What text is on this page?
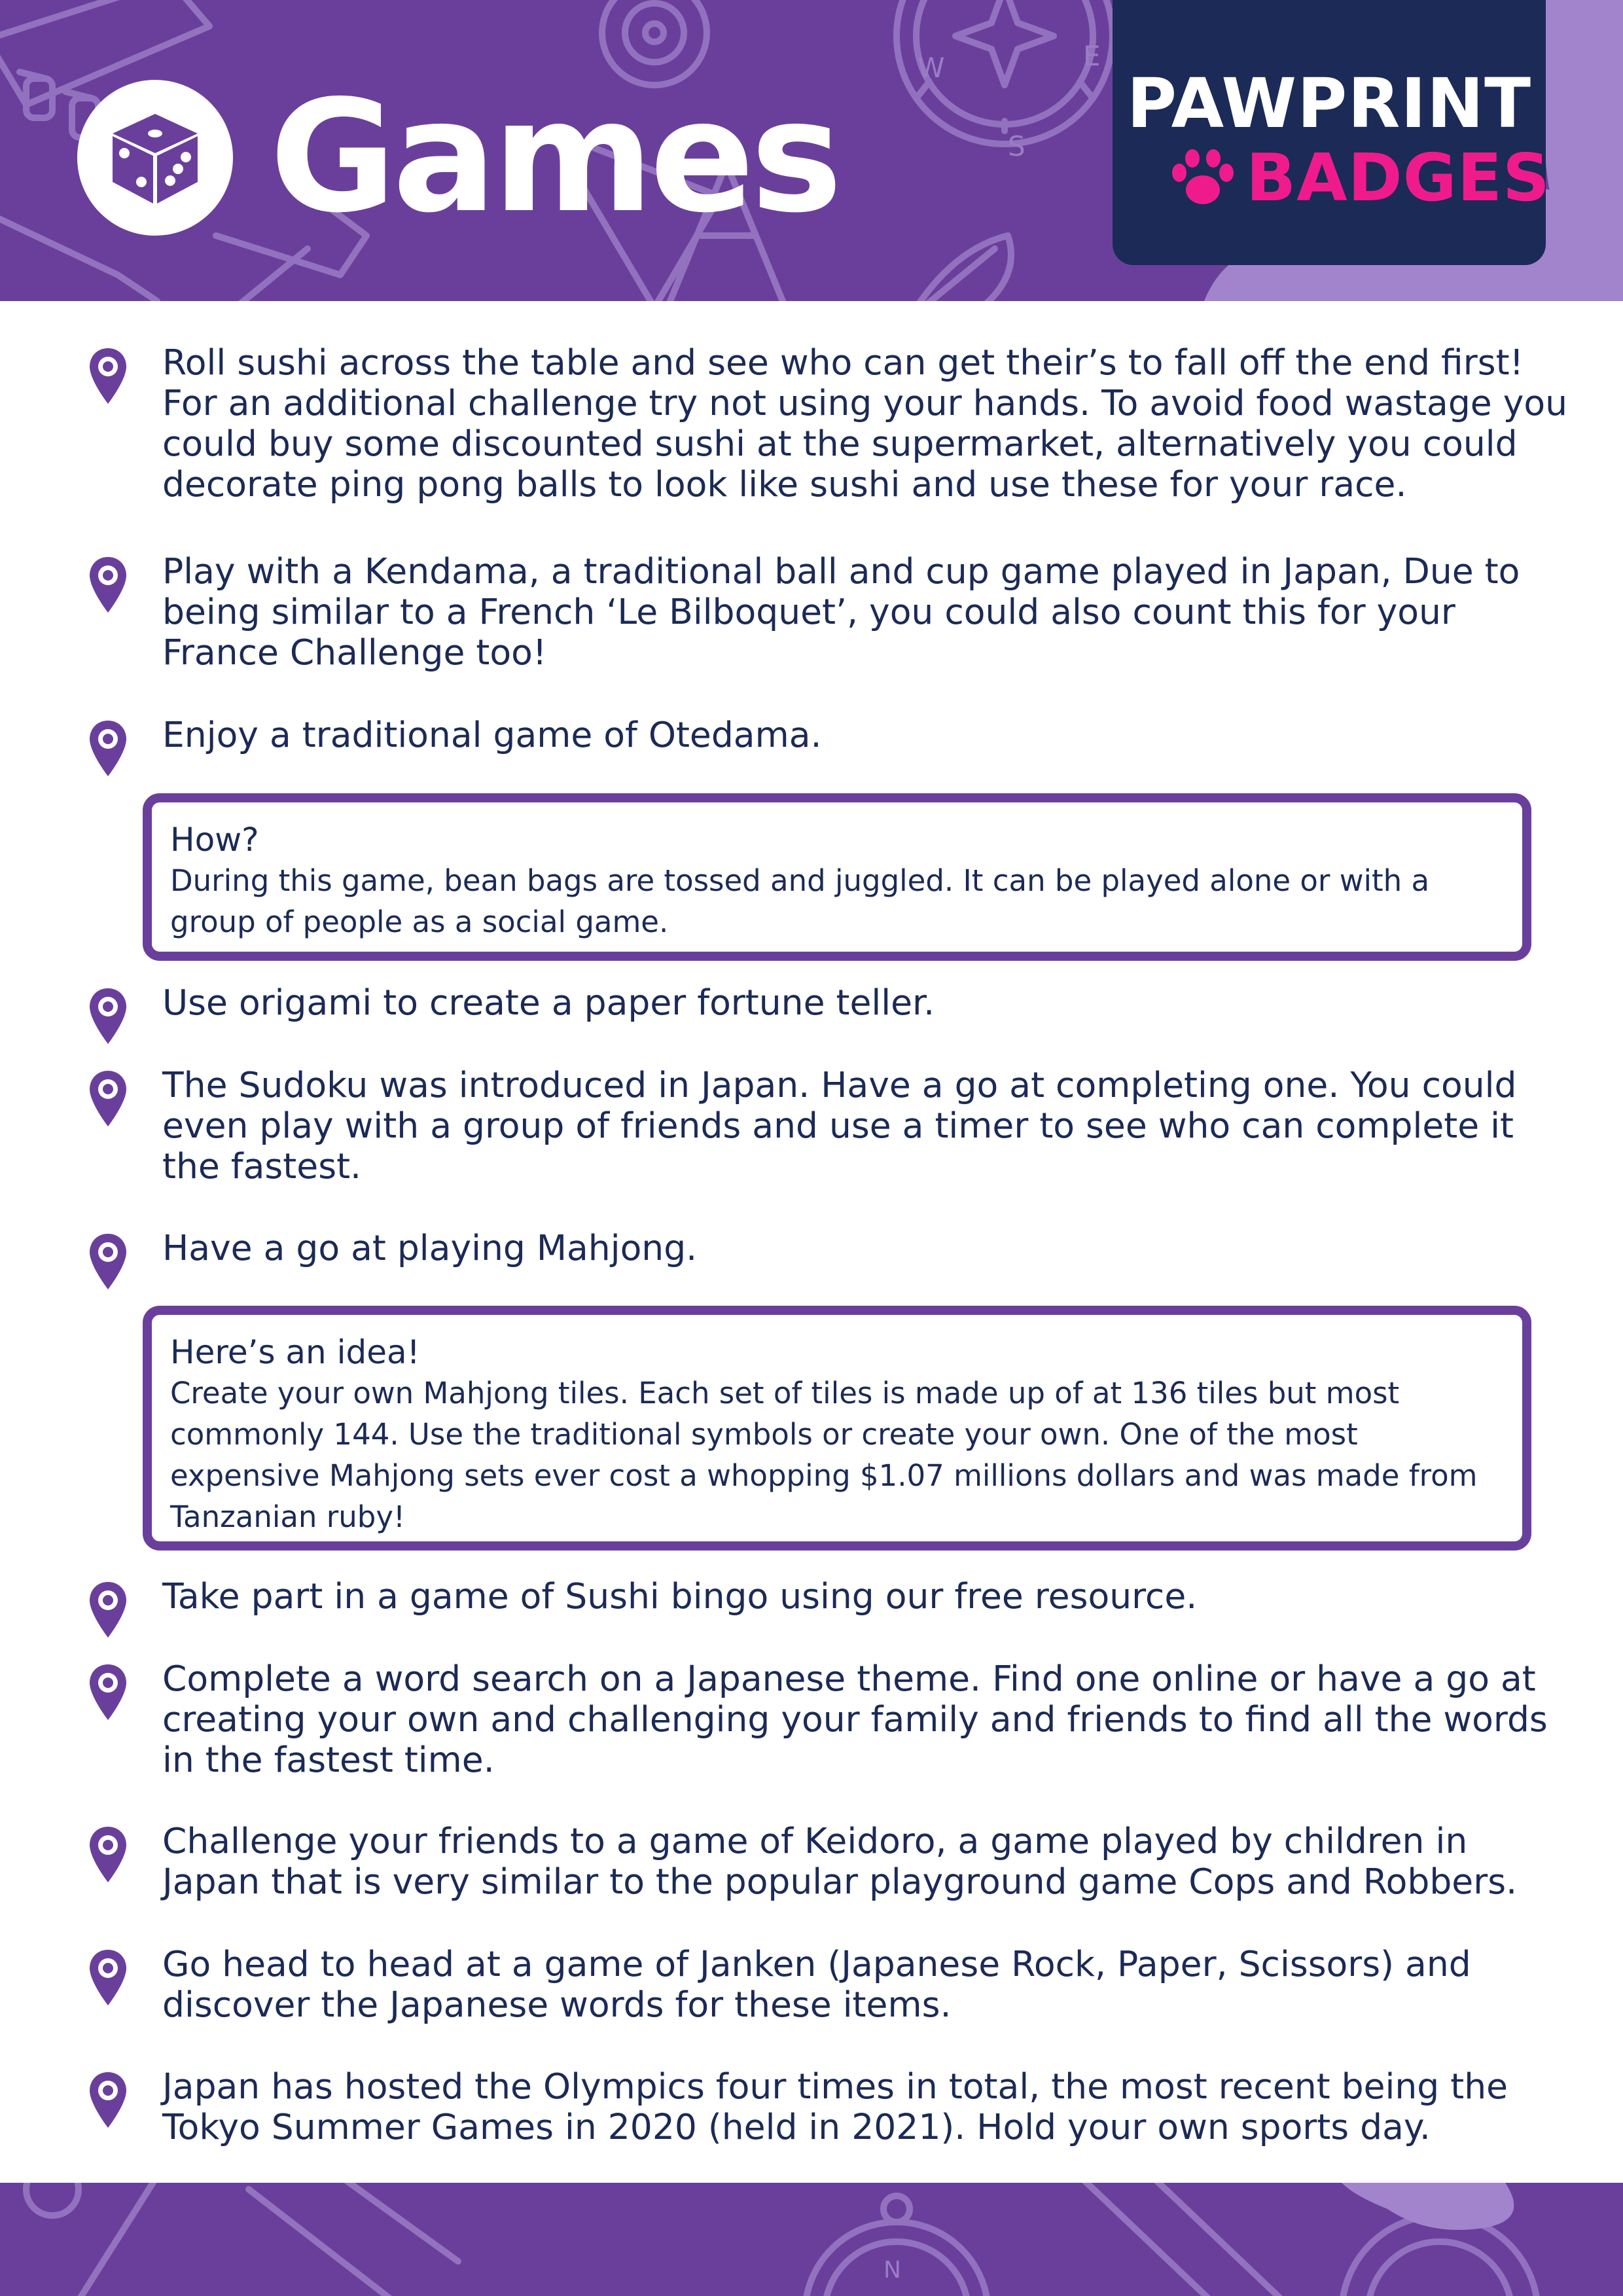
W	E
S
Games	PAWPRINT
BADGES
Roll sushi across the table and see who can get their’s to fall off the end first! For an additional challenge try not using your hands. To avoid food wastage you could buy some discounted sushi at the supermarket, alternatively you could decorate ping pong balls to look like sushi and use these for your race.
Play with a Kendama, a traditional ball and cup game played in Japan, Due to being similar to a French ‘Le Bilboquet’, you could also count this for your France Challenge too!
Enjoy a traditional game of Otedama.
How?
During this game, bean bags are tossed and juggled. It can be played alone or with a group of people as a social game.
Use origami to create a paper fortune teller.
The Sudoku was introduced in Japan. Have a go at completing one. You could even play with a group of friends and use a timer to see who can complete it the fastest.
Have a go at playing Mahjong.
Here’s an idea!
Create your own Mahjong tiles. Each set of tiles is made up of at 136 tiles but most commonly 144. Use the traditional symbols or create your own. One of the most expensive Mahjong sets ever cost a whopping $1.07 millions dollars and was made from Tanzanian ruby!
Take part in a game of Sushi bingo using our free resource.
Complete a word search on a Japanese theme. Find one online or have a go at creating your own and challenging your family and friends to find all the words in the fastest time.
Challenge your friends to a game of Keidoro, a game played by children in Japan that is very similar to the popular playground game Cops and Robbers.
Go head to head at a game of Janken (Japanese Rock, Paper, Scissors) and discover the Japanese words for these items.
Japan has hosted the Olympics four times in total, the most recent being the Tokyo Summer Games in 2020 (held in 2021). Hold your own sports day.
N
